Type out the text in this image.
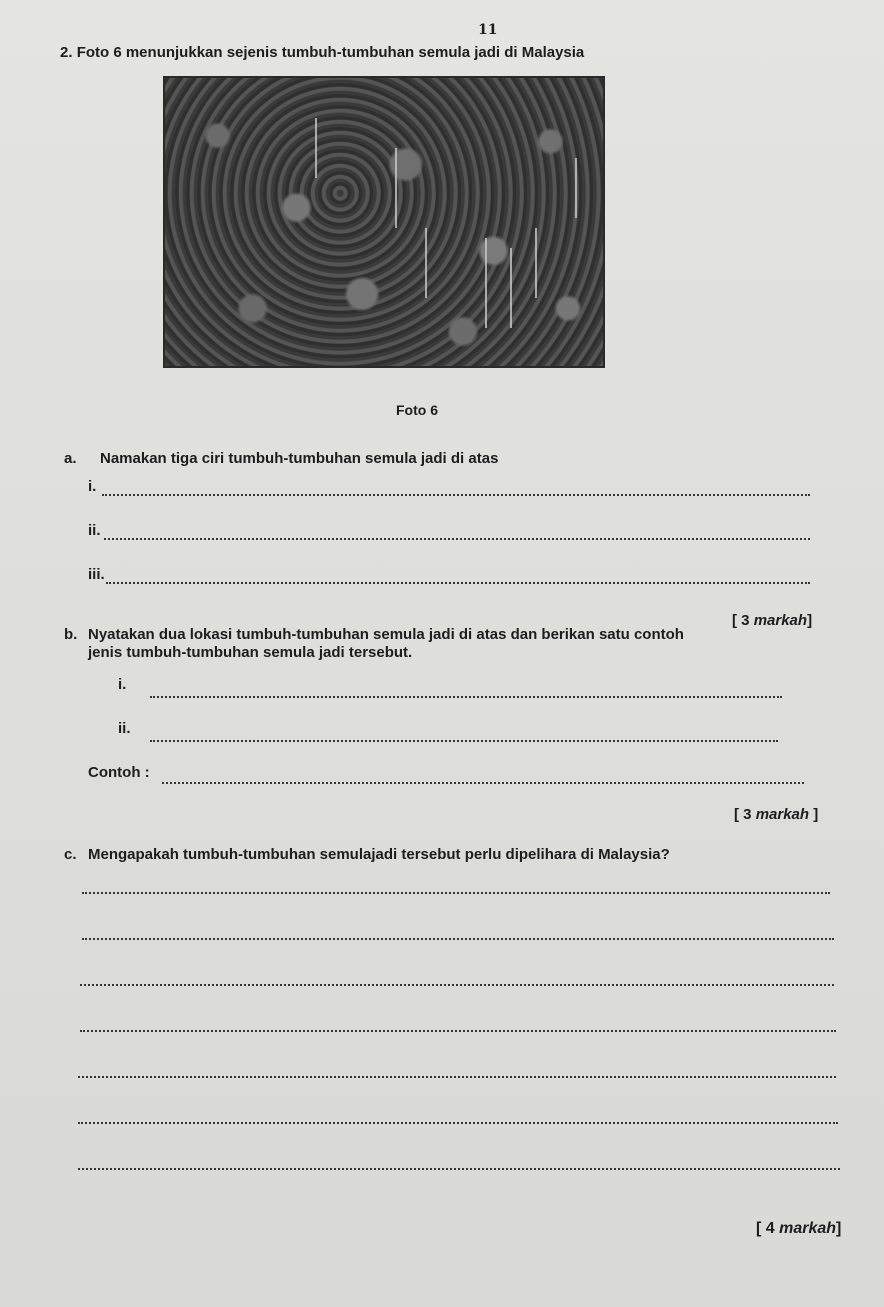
11
2. Foto 6 menunjukkan sejenis tumbuh-tumbuhan semula jadi di Malaysia
Foto 6
a. Namakan tiga ciri tumbuh-tumbuhan semula jadi di atas
i.
ii.
iii.
[ 3 markah]
b. Nyatakan dua lokasi tumbuh-tumbuhan semula jadi di atas dan berikan satu contoh
jenis tumbuh-tumbuhan semula jadi tersebut.
i.
ii.
Contoh :
[ 3 markah ]
c. Mengapakah tumbuh-tumbuhan semulajadi tersebut perlu dipelihara di Malaysia?
[ 4 markah]
